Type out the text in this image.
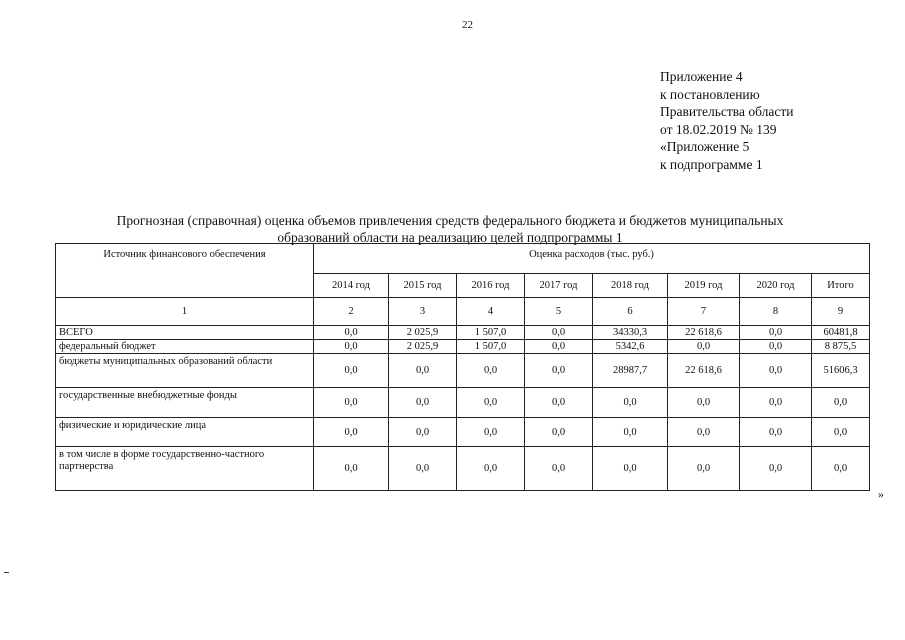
22
Приложение 4
к постановлению
Правительства области
от 18.02.2019 № 139
«Приложение 5
к подпрограмме 1
Прогнозная (справочная) оценка объемов привлечения средств федерального бюджета и бюджетов муниципальных
образований области на реализацию целей подпрограммы 1
Источник финансового обеспечения	Оценка расходов (тыс. руб.)							
	2014 год	2015 год	2016 год	2017 год	2018 год	2019 год	2020 год	Итого
1	2	3	4	5	6	7	8	9
ВСЕГО	0,0	2 025,9	1 507,0	0,0	34330,3	22 618,6	0,0	60481,8
федеральный бюджет	0,0	2 025,9	1 507,0	0,0	5342,6	0,0	0,0	8 875,5
бюджеты муниципальных образований области	0,0	0,0	0,0	0,0	28987,7	22 618,6	0,0	51606,3
государственные внебюджетные фонды	0,0	0,0	0,0	0,0	0,0	0,0	0,0	0,0
физические и юридические лица	0,0	0,0	0,0	0,0	0,0	0,0	0,0	0,0
в том числе в форме государственно-частного партнерства	0,0	0,0	0,0	0,0	0,0	0,0	0,0	0,0
»
